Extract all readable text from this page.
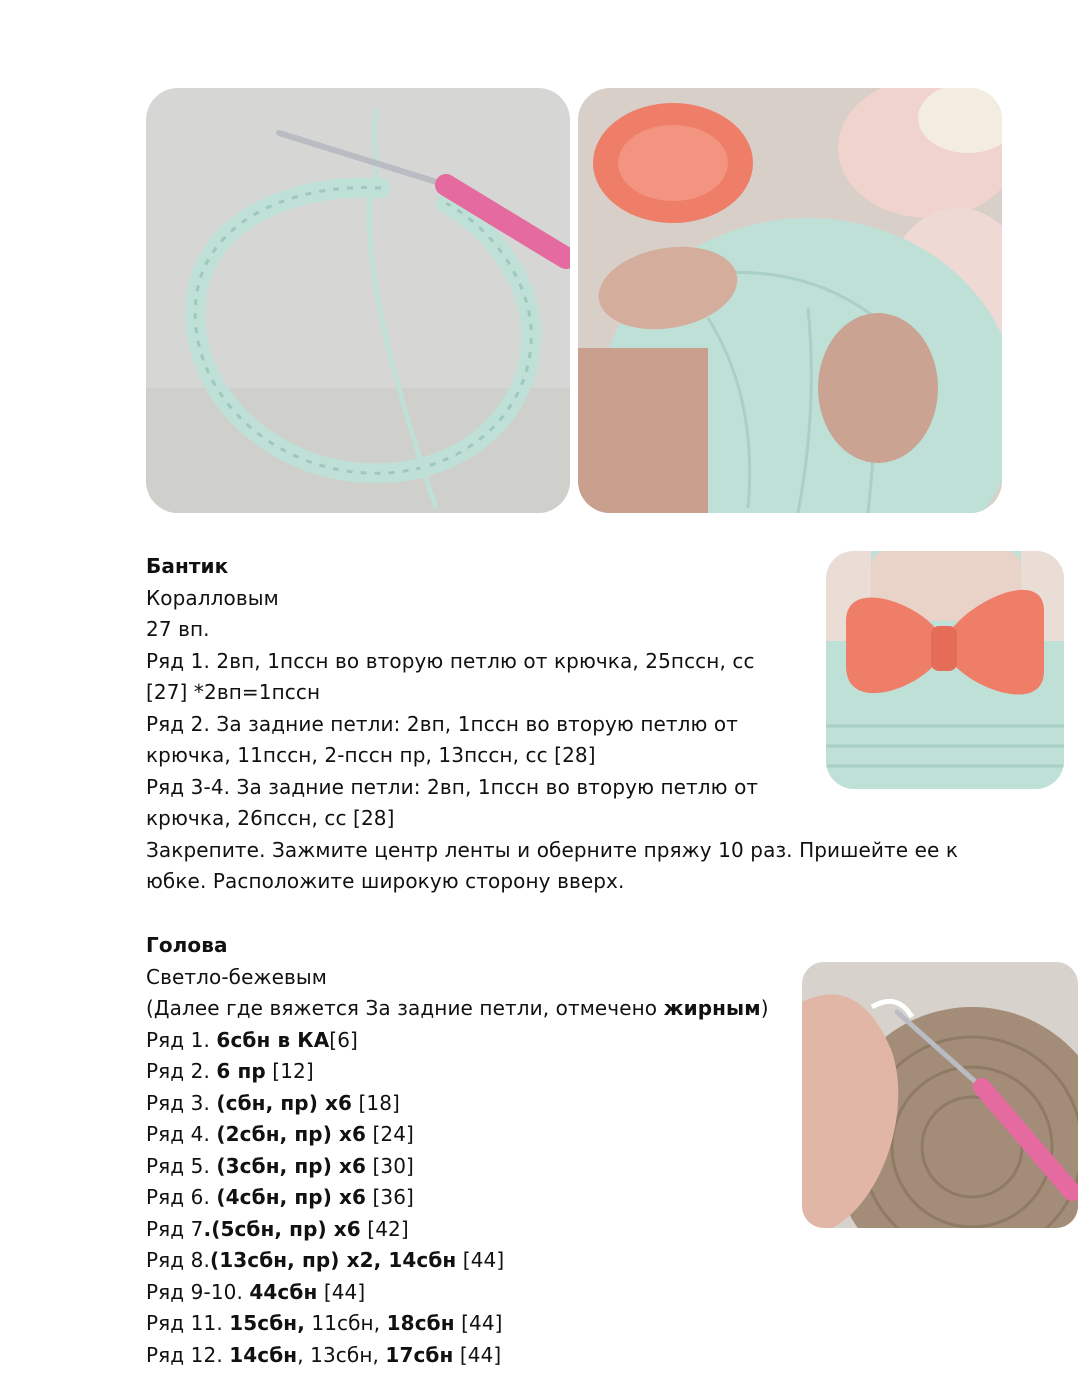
Бантик

Коралловым

27 вп.

Ряд 1. 2вп, 1пссн во вторую петлю от крючка, 25пссн, сс

[27] *2вп=1пссн

Ряд 2. За задние петли: 2вп, 1пссн во вторую петлю от

крючка, 11пссн, 2-пссн пр, 13пссн, сс [28]

Ряд 3-4. За задние петли: 2вп, 1пссн во вторую петлю от

крючка, 26пссн, сс [28]

Закрепите. Зажмите центр ленты и оберните пряжу 10 раз. Пришейте ее к

юбке. Расположите широкую сторону вверх.

Голова

Светло-бежевым

(Далее где вяжется За задние петли, отмечено жирным)

Ряд 1. 6сбн в КА[6]

Ряд 2. 6 пр [12]

Ряд 3. (сбн, пр) х6 [18]

Ряд 4. (2сбн, пр) х6 [24]

Ряд 5. (3сбн, пр) х6 [30]

Ряд 6. (4сбн, пр) х6 [36]

Ряд 7.(5сбн, пр) х6 [42]

Ряд 8.(13сбн, пр) х2, 14сбн [44]

Ряд 9-10. 44сбн [44]

Ряд 11. 15сбн, 11сбн, 18сбн [44]

Ряд 12. 14сбн, 13сбн, 17сбн [44]
